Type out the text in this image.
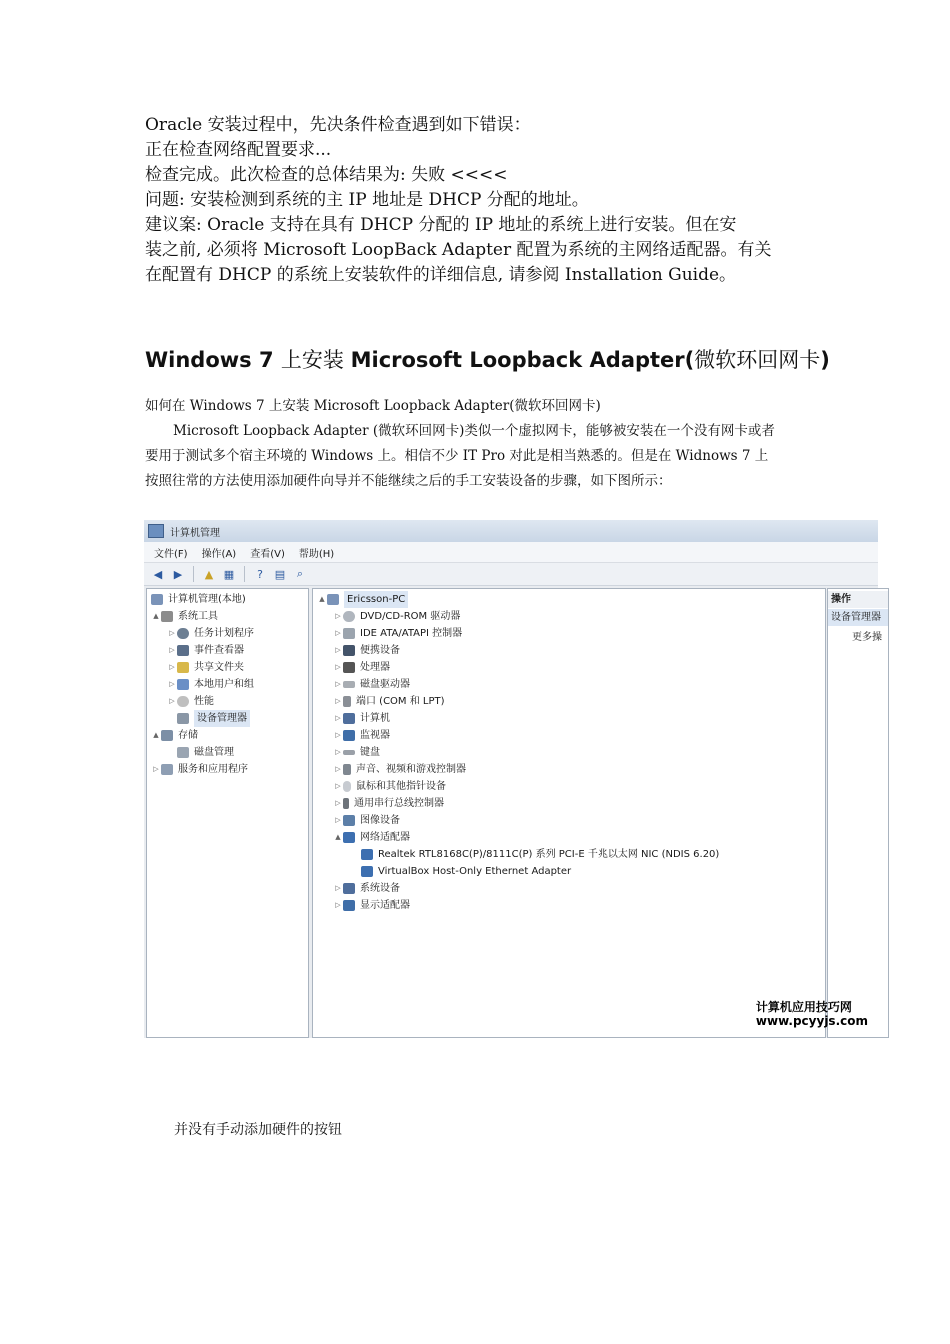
Oracle 安装过程中，先决条件检查遇到如下错误：
正在检查网络配置要求...
检查完成。此次检查的总体结果为: 失败 <<<<
问题: 安装检测到系统的主 IP 地址是 DHCP 分配的地址。
建议案: Oracle 支持在具有 DHCP 分配的 IP 地址的系统上进行安装。但在安
装之前, 必须将 Microsoft LoopBack Adapter 配置为系统的主网络适配器。有关
在配置有 DHCP 的系统上安装软件的详细信息, 请参阅 Installation Guide。
Windows 7 上安装 Microsoft Loopback Adapter(微软环回网卡)
如何在 Windows 7 上安装 Microsoft Loopback Adapter(微软环回网卡)
Microsoft Loopback Adapter (微软环回网卡)类似一个虚拟网卡，能够被安装在一个没有网卡或者
要用于测试多个宿主环境的 Windows 上。相信不少 IT Pro 对此是相当熟悉的。但是在 Widnows 7 上
按照往常的方法使用添加硬件向导并不能继续之后的手工安装设备的步骤，如下图所示：
计算机管理
文件(F) 操作(A) 查看(V) 帮助(H)
◀	▶	▲ ▦	?	▤	⌕
计算机管理(本地)
▲ 系统工具
▷ 任务计划程序
▷ 事件查看器
▷ 共享文件夹
▷ 本地用户和组
▷ 性能
设备管理器
▲ 存储
磁盘管理
▷ 服务和应用程序
▲	Ericsson-PC
▷ DVD/CD-ROM 驱动器
▷ IDE ATA/ATAPI 控制器
▷ 便携设备
▷ 处理器
▷ 磁盘驱动器
▷ 端口 (COM 和 LPT)
▷ 计算机
▷ 监视器
▷ 键盘
▷ 声音、视频和游戏控制器
▷ 鼠标和其他指针设备
▷ 通用串行总线控制器
▷ 图像设备
▲ 网络适配器
Realtek RTL8168C(P)/8111C(P) 系列 PCI-E 千兆以太网 NIC (NDIS 6.20)
VirtualBox Host-Only Ethernet Adapter
▷ 系统设备
▷ 显示适配器
操作
设备管理器
更多操
计算机应用技巧网
www.pcyyjs.com
并没有手动添加硬件的按钮
